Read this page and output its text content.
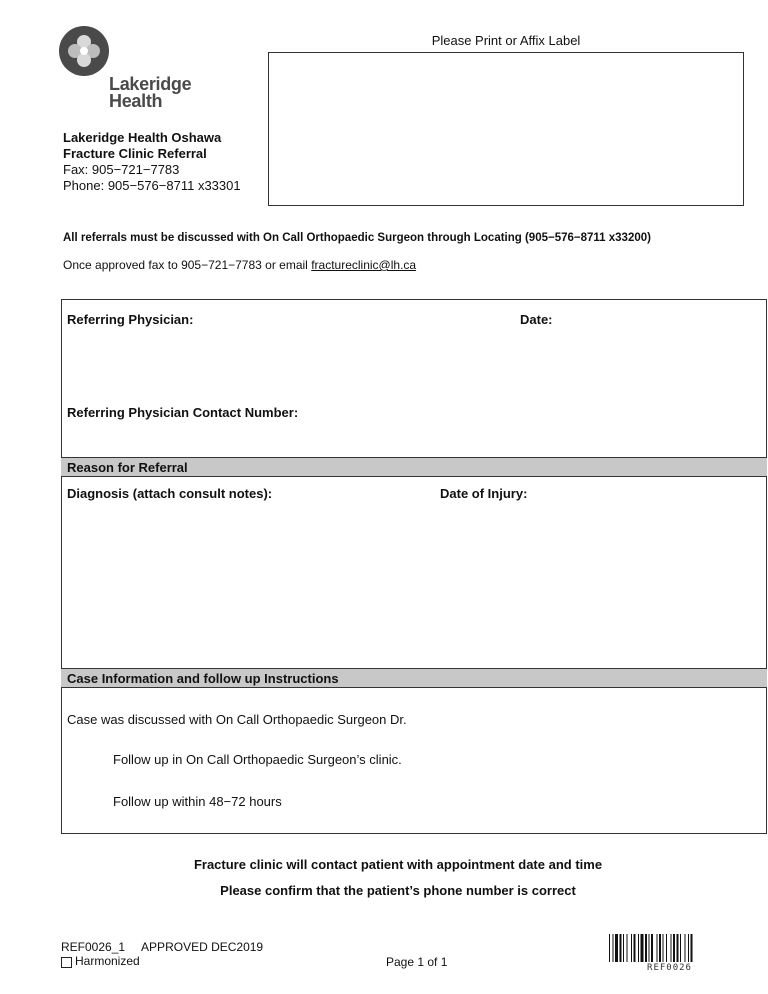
Lakeridge
Health
Please Print or Affix Label
Lakeridge Health Oshawa
Fracture Clinic Referral
Fax: 905−721−7783
Phone: 905−576−8711 x33301
All referrals must be discussed with On Call Orthopaedic Surgeon through Locating (905−576−8711 x33200)
Once approved fax to 905−721−7783 or email fractureclinic@lh.ca
Referring Physician:	Date:
Referring Physician Contact Number:
Reason for Referral
Diagnosis (attach consult notes):	Date of Injury:
Case Information and follow up Instructions
Case was discussed with On Call Orthopaedic Surgeon Dr.
Follow up in On Call Orthopaedic Surgeon’s clinic.
Follow up within 48−72 hours
Fracture clinic will contact patient with appointment date and time
Please confirm that the patient’s phone number is correct
REF0026_1     APPROVED DEC2019
Harmonized	Page 1 of 1	REF0026
